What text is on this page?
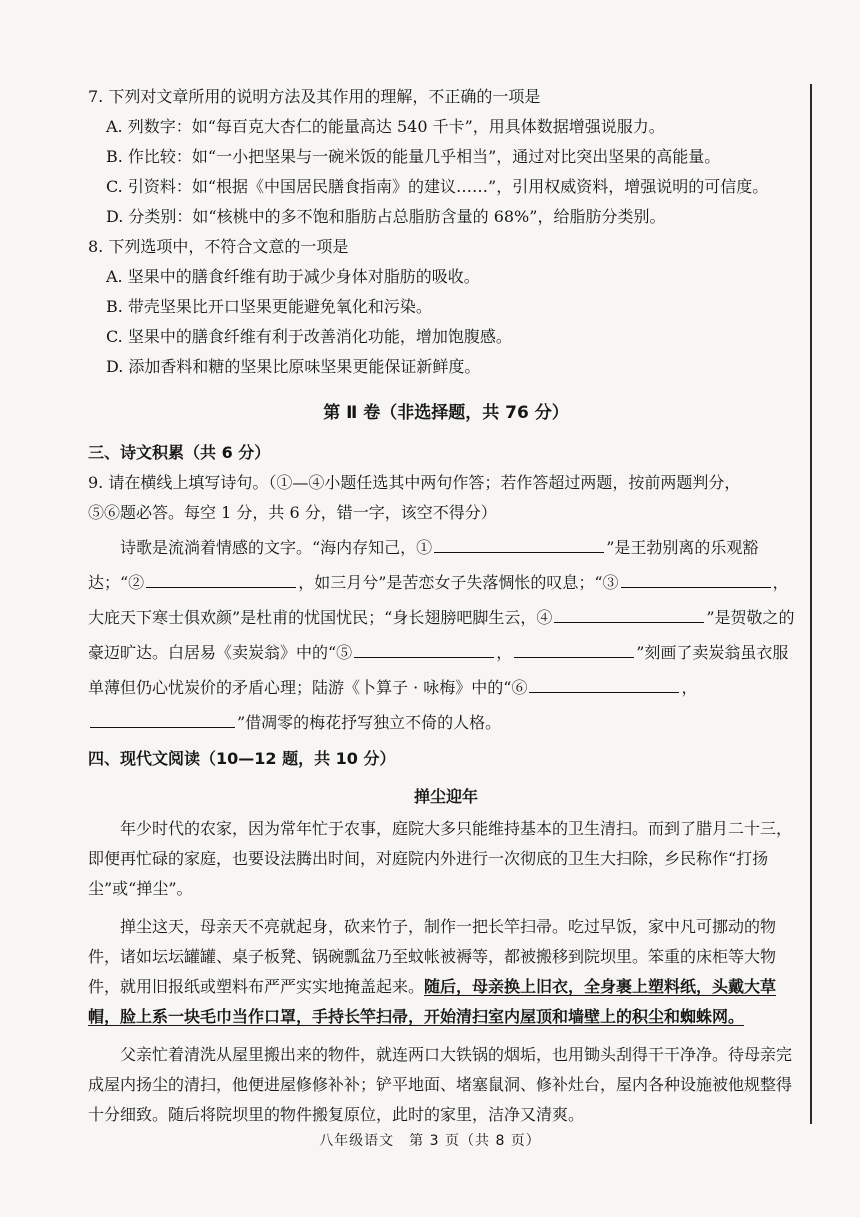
7. 下列对文章所用的说明方法及其作用的理解，不正确的一项是
A. 列数字：如“每百克大杏仁的能量高达 540 千卡”，用具体数据增强说服力。
B. 作比较：如“一小把坚果与一碗米饭的能量几乎相当”，通过对比突出坚果的高能量。
C. 引资料：如“根据《中国居民膳食指南》的建议……”，引用权威资料，增强说明的可信度。
D. 分类别：如“核桃中的多不饱和脂肪占总脂肪含量的 68%”，给脂肪分类别。
8. 下列选项中，不符合文意的一项是
A. 坚果中的膳食纤维有助于减少身体对脂肪的吸收。
B. 带壳坚果比开口坚果更能避免氧化和污染。
C. 坚果中的膳食纤维有利于改善消化功能，增加饱腹感。
D. 添加香料和糖的坚果比原味坚果更能保证新鲜度。
第 Ⅱ 卷（非选择题，共 76 分）
三、诗文积累（共 6 分）
9. 请在横线上填写诗句。（①—④小题任选其中两句作答；若作答超过两题，按前两题判分，
⑤⑥题必答。每空 1 分，共 6 分，错一字，该空不得分）
诗歌是流淌着情感的文字。“海内存知己，①	”是王勃别离的乐观豁达；“②	，如三月兮”是苦恋女子失落惆怅的叹息；“③	，大庇天下寒士俱欢颜”是杜甫的忧国忧民；“身长翅膀吧脚生云，④	”是贺敬之的豪迈旷达。白居易《卖炭翁》中的“⑤	，	”刻画了卖炭翁虽衣服单薄但仍心忧炭价的矛盾心理；陆游《卜算子 · 咏梅》中的“⑥	，”借凋零的梅花抒写独立不倚的人格。
四、现代文阅读（10—12 题，共 10 分）
掸尘迎年
年少时代的农家，因为常年忙于农事，庭院大多只能维持基本的卫生清扫。而到了腊月二十三，即便再忙碌的家庭，也要设法腾出时间，对庭院内外进行一次彻底的卫生大扫除，乡民称作“打扬尘”或“掸尘”。
掸尘这天，母亲天不亮就起身，砍来竹子，制作一把长竿扫帚。吃过早饭，家中凡可挪动的物件，诸如坛坛罐罐、桌子板凳、锅碗瓢盆乃至蚊帐被褥等，都被搬移到院坝里。笨重的床柜等大物件，就用旧报纸或塑料布严严实实地掩盖起来。随后，母亲换上旧衣，全身裹上塑料纸，头戴大草帽，脸上系一块毛巾当作口罩，手持长竿扫帚，开始清扫室内屋顶和墙壁上的积尘和蜘蛛网。
父亲忙着清洗从屋里搬出来的物件，就连两口大铁锅的烟垢，也用锄头刮得干干净净。待母亲完成屋内扬尘的清扫，他便进屋修修补补；铲平地面、堵塞鼠洞、修补灶台，屋内各种设施被他规整得十分细致。随后将院坝里的物件搬复原位，此时的家里，洁净又清爽。
八年级语文　第 3 页（共 8 页）
